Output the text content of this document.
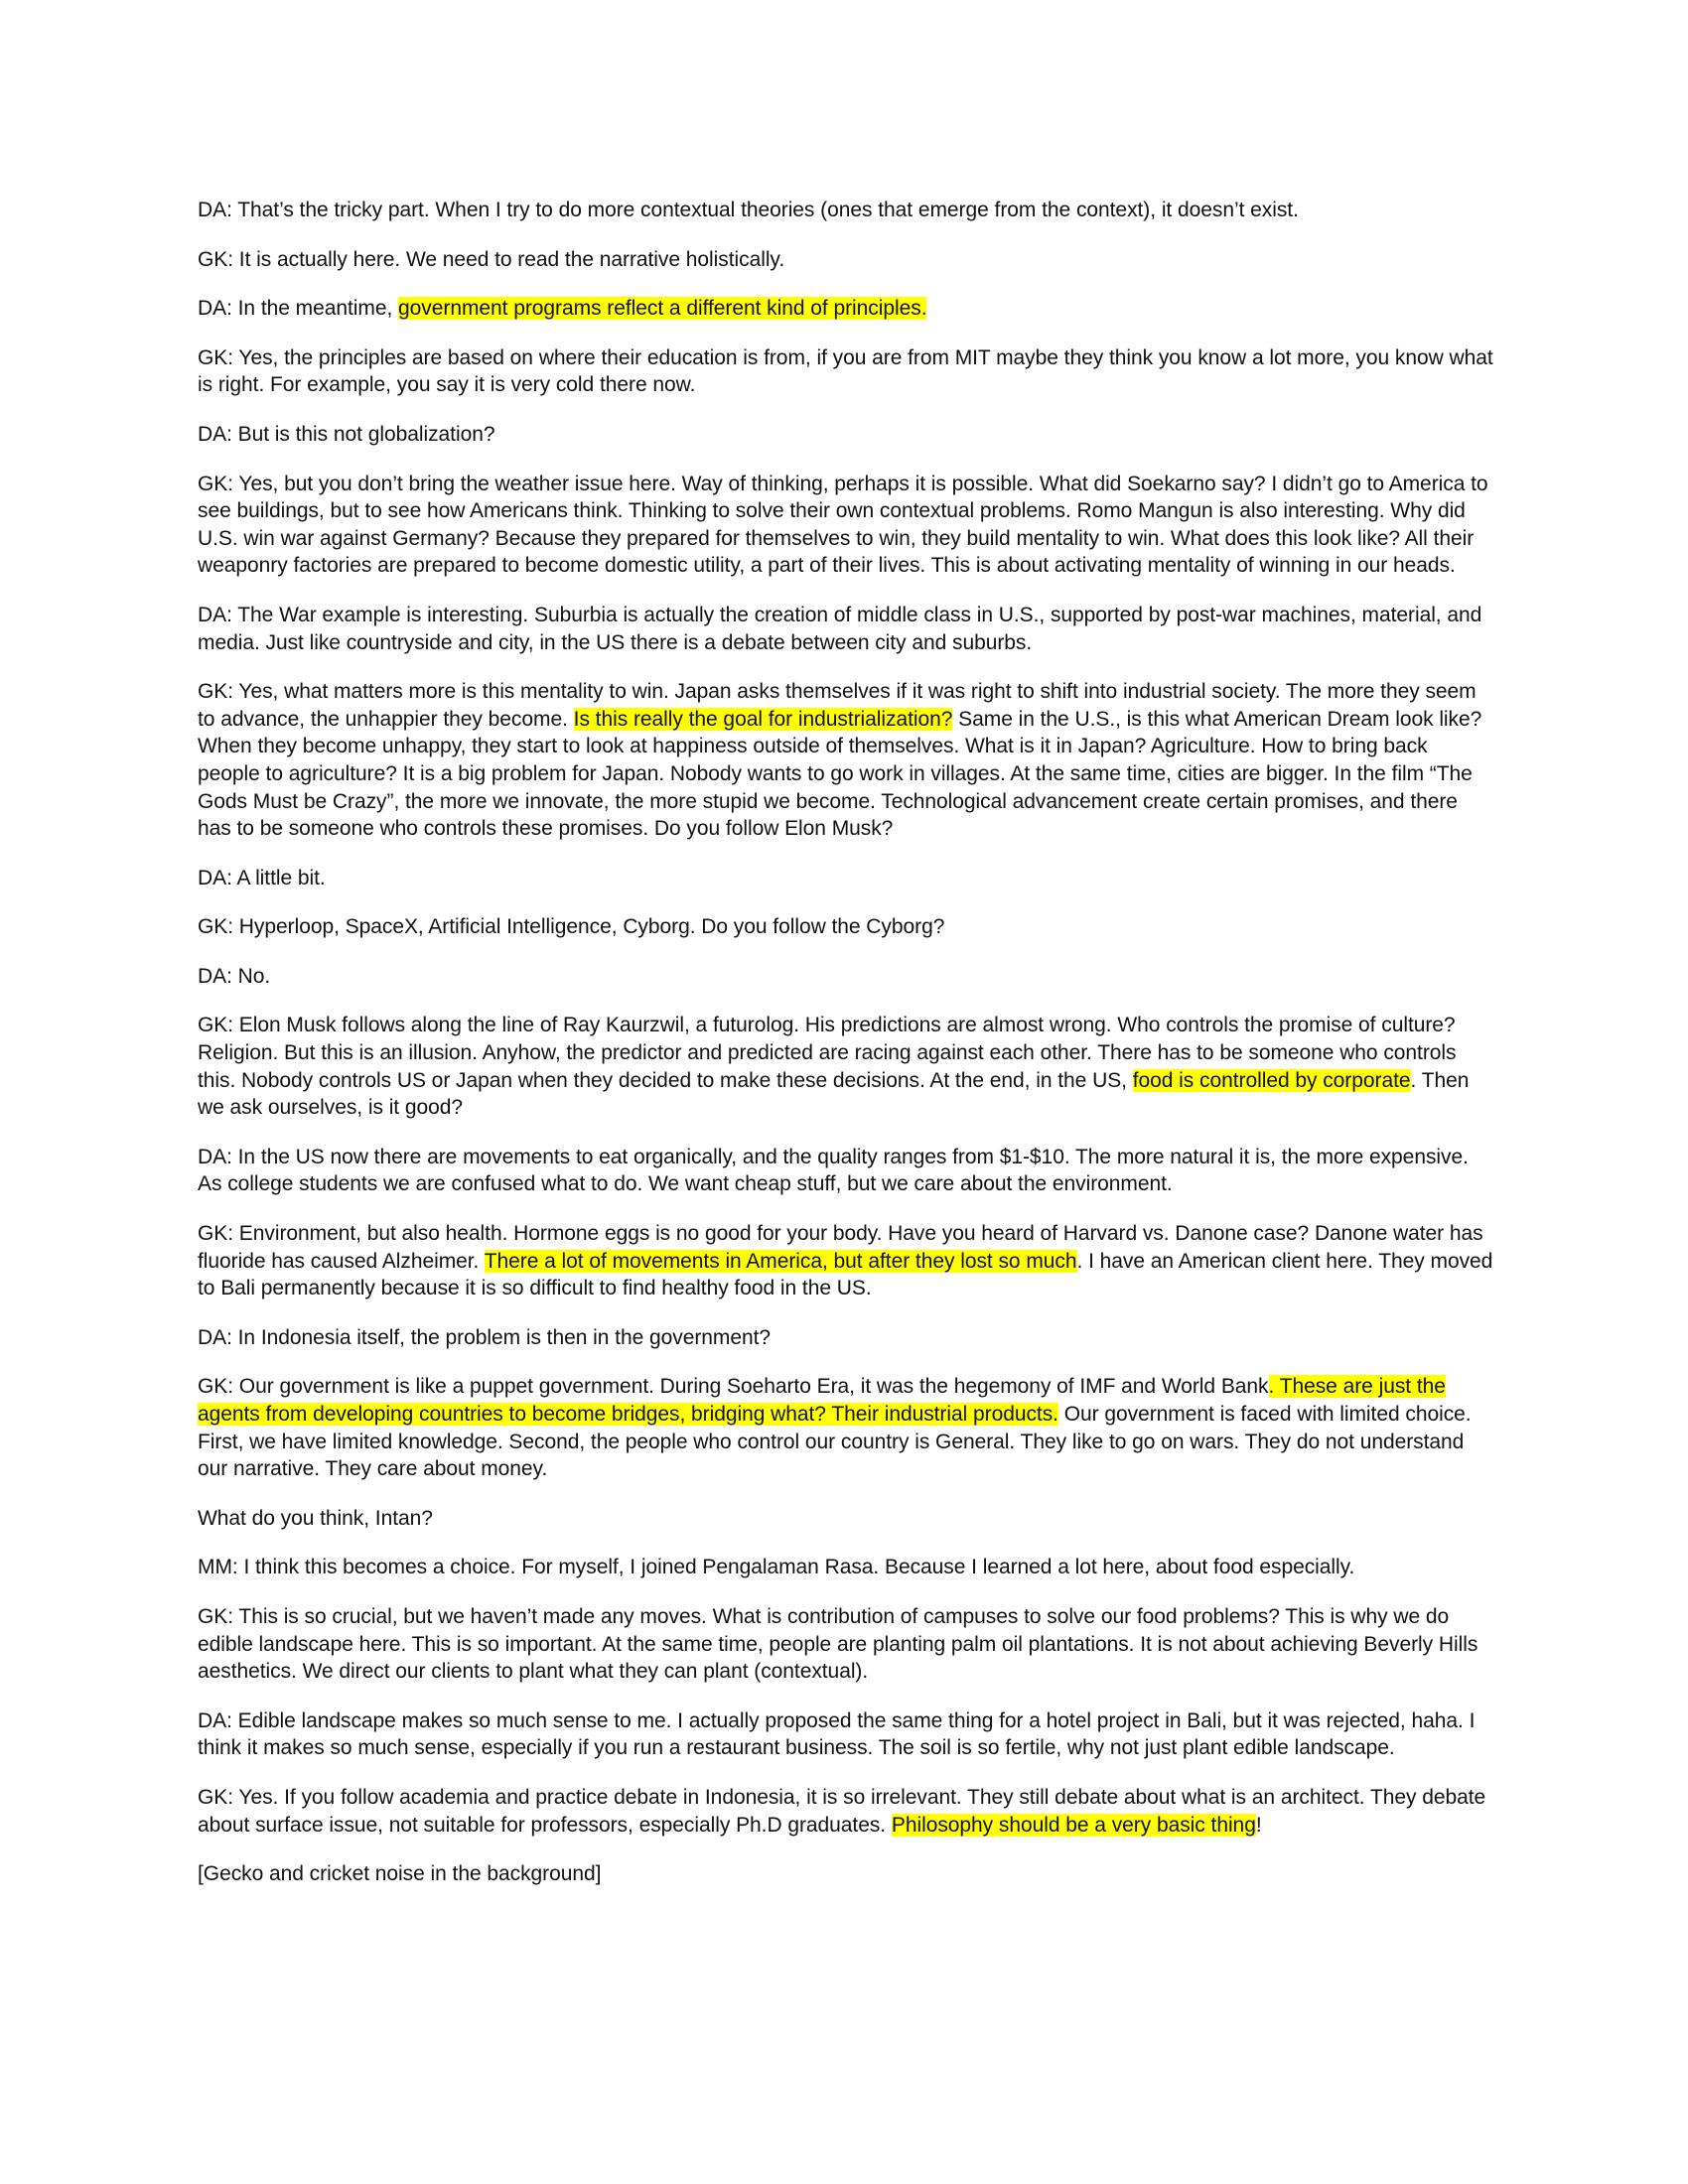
DA: That’s the tricky part. When I try to do more contextual theories (ones that emerge from the context), it doesn’t exist.

GK: It is actually here. We need to read the narrative holistically.

DA: In the meantime, government programs reflect a different kind of principles.

GK: Yes, the principles are based on where their education is from, if you are from MIT maybe they think you know a lot more, you know what is right. For example, you say it is very cold there now.

DA: But is this not globalization?

GK: Yes, but you don’t bring the weather issue here. Way of thinking, perhaps it is possible. What did Soekarno say? I didn’t go to America to see buildings, but to see how Americans think. Thinking to solve their own contextual problems. Romo Mangun is also interesting. Why did U.S. win war against Germany? Because they prepared for themselves to win, they build mentality to win. What does this look like? All their weaponry factories are prepared to become domestic utility, a part of their lives. This is about activating mentality of winning in our heads.

DA: The War example is interesting. Suburbia is actually the creation of middle class in U.S., supported by post-war machines, material, and media. Just like countryside and city, in the US there is a debate between city and suburbs.

GK: Yes, what matters more is this mentality to win. Japan asks themselves if it was right to shift into industrial society. The more they seem to advance, the unhappier they become. Is this really the goal for industrialization? Same in the U.S., is this what American Dream look like? When they become unhappy, they start to look at happiness outside of themselves. What is it in Japan? Agriculture. How to bring back people to agriculture? It is a big problem for Japan. Nobody wants to go work in villages. At the same time, cities are bigger. In the film “The Gods Must be Crazy”, the more we innovate, the more stupid we become. Technological advancement create certain promises, and there has to be someone who controls these promises. Do you follow Elon Musk?

DA: A little bit.

GK: Hyperloop, SpaceX, Artificial Intelligence, Cyborg. Do you follow the Cyborg?

DA: No.

GK: Elon Musk follows along the line of Ray Kaurzwil, a futurolog. His predictions are almost wrong. Who controls the promise of culture? Religion. But this is an illusion. Anyhow, the predictor and predicted are racing against each other. There has to be someone who controls this. Nobody controls US or Japan when they decided to make these decisions. At the end, in the US, food is controlled by corporate. Then we ask ourselves, is it good?

DA: In the US now there are movements to eat organically, and the quality ranges from $1-$10. The more natural it is, the more expensive. As college students we are confused what to do. We want cheap stuff, but we care about the environment.

GK: Environment, but also health. Hormone eggs is no good for your body. Have you heard of Harvard vs. Danone case? Danone water has fluoride has caused Alzheimer. There a lot of movements in America, but after they lost so much. I have an American client here. They moved to Bali permanently because it is so difficult to find healthy food in the US.

DA: In Indonesia itself, the problem is then in the government?

GK: Our government is like a puppet government. During Soeharto Era, it was the hegemony of IMF and World Bank. These are just the agents from developing countries to become bridges, bridging what? Their industrial products. Our government is faced with limited choice. First, we have limited knowledge. Second, the people who control our country is General. They like to go on wars. They do not understand our narrative. They care about money.

What do you think, Intan?

MM: I think this becomes a choice. For myself, I joined Pengalaman Rasa. Because I learned a lot here, about food especially.

GK: This is so crucial, but we haven’t made any moves. What is contribution of campuses to solve our food problems? This is why we do edible landscape here. This is so important. At the same time, people are planting palm oil plantations. It is not about achieving Beverly Hills aesthetics. We direct our clients to plant what they can plant (contextual).

DA: Edible landscape makes so much sense to me. I actually proposed the same thing for a hotel project in Bali, but it was rejected, haha. I think it makes so much sense, especially if you run a restaurant business. The soil is so fertile, why not just plant edible landscape.

GK: Yes. If you follow academia and practice debate in Indonesia, it is so irrelevant. They still debate about what is an architect. They debate about surface issue, not suitable for professors, especially Ph.D graduates. Philosophy should be a very basic thing!

[Gecko and cricket noise in the background]
